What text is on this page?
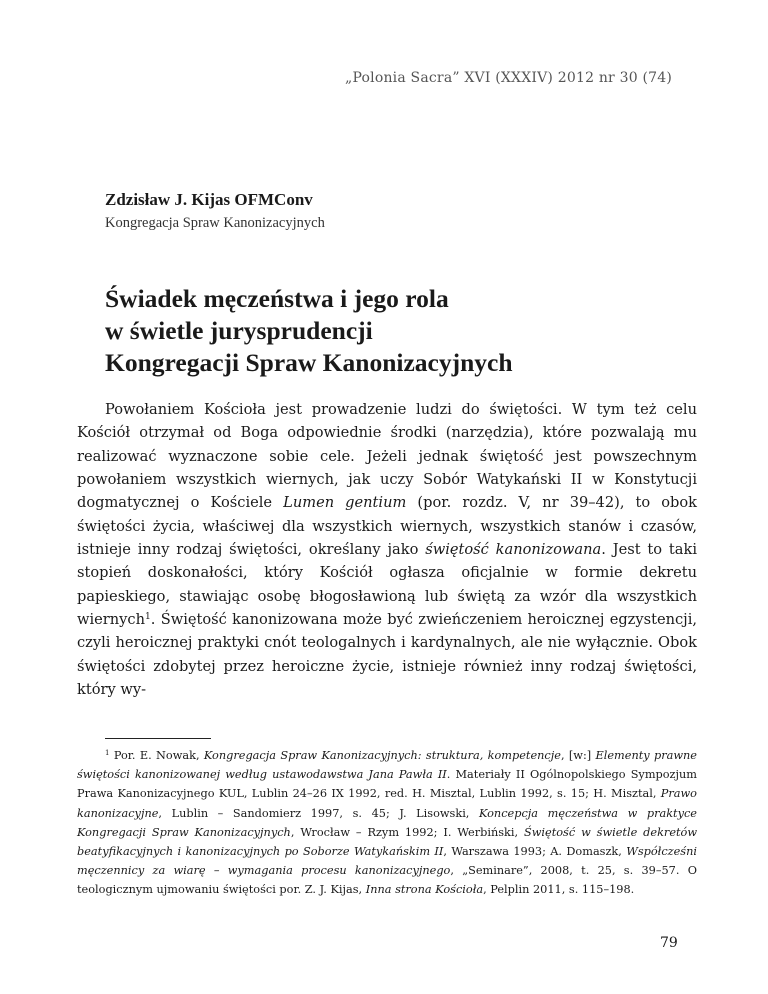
„Polonia Sacra” XVI (XXXIV) 2012 nr 30 (74)
Zdzisław J. Kijas OFMConv
Kongregacja Spraw Kanonizacyjnych
Świadek męczeństwa i jego rola
w świetle jurysprudencji
Kongregacji Spraw Kanonizacyjnych

Powołaniem Kościoła jest prowadzenie ludzi do świętości. W tym też celu Kościół otrzymał od Boga odpowiednie środki (narzędzia), które pozwalają mu realizować wyznaczone sobie cele. Jeżeli jednak świętość jest powszechnym powołaniem wszystkich wiernych, jak uczy Sobór Watykański II w Konstytucji dogmatycznej o Kościele Lumen gentium (por. rozdz. V, nr 39–42), to obok świętości życia, właściwej dla wszystkich wiernych, wszystkich stanów i czasów, istnieje inny rodzaj świętości, określany jako świętość kanonizowana. Jest to taki stopień doskonałości, który Kościół ogłasza oficjalnie w formie dekretu papieskiego, stawiając osobę błogosławioną lub świętą za wzór dla wszystkich wiernych$^1$. Świętość kanonizowana może być zwieńczeniem heroicznej egzystencji, czyli heroicznej praktyki cnót teologalnych i kardynalnych, ale nie wyłącznie. Obok świętości zdobytej przez heroiczne życie, istnieje również inny rodzaj świętości, który wy-

$^1$ Por. E. Nowak, Kongregacja Spraw Kanonizacyjnych: struktura, kompetencje, [w:] Elementy prawne świętości kanonizowanej według ustawodawstwa Jana Pawła II. Materiały II Ogólnopolskiego Sympozjum Prawa Kanonizacyjnego KUL, Lublin 24–26 IX 1992, red. H. Misztal, Lublin 1992, s. 15; H. Misztal, Prawo kanonizacyjne, Lublin – Sandomierz 1997, s. 45; J. Lisowski, Koncepcja męczeństwa w praktyce Kongregacji Spraw Kanonizacyjnych, Wrocław – Rzym 1992; I. Werbiński, Świętość w świetle dekretów beatyfikacyjnych i kanonizacyjnych po Soborze Watykańskim II, Warszawa 1993; A. Domaszk, Współcześni męczennicy za wiarę – wymagania procesu kanonizacyjnego, „Seminare”, 2008, t. 25, s. 39–57. O teologicznym ujmowaniu świętości por. Z. J. Kijas, Inna strona Kościoła, Pelplin 2011, s. 115–198.

79
